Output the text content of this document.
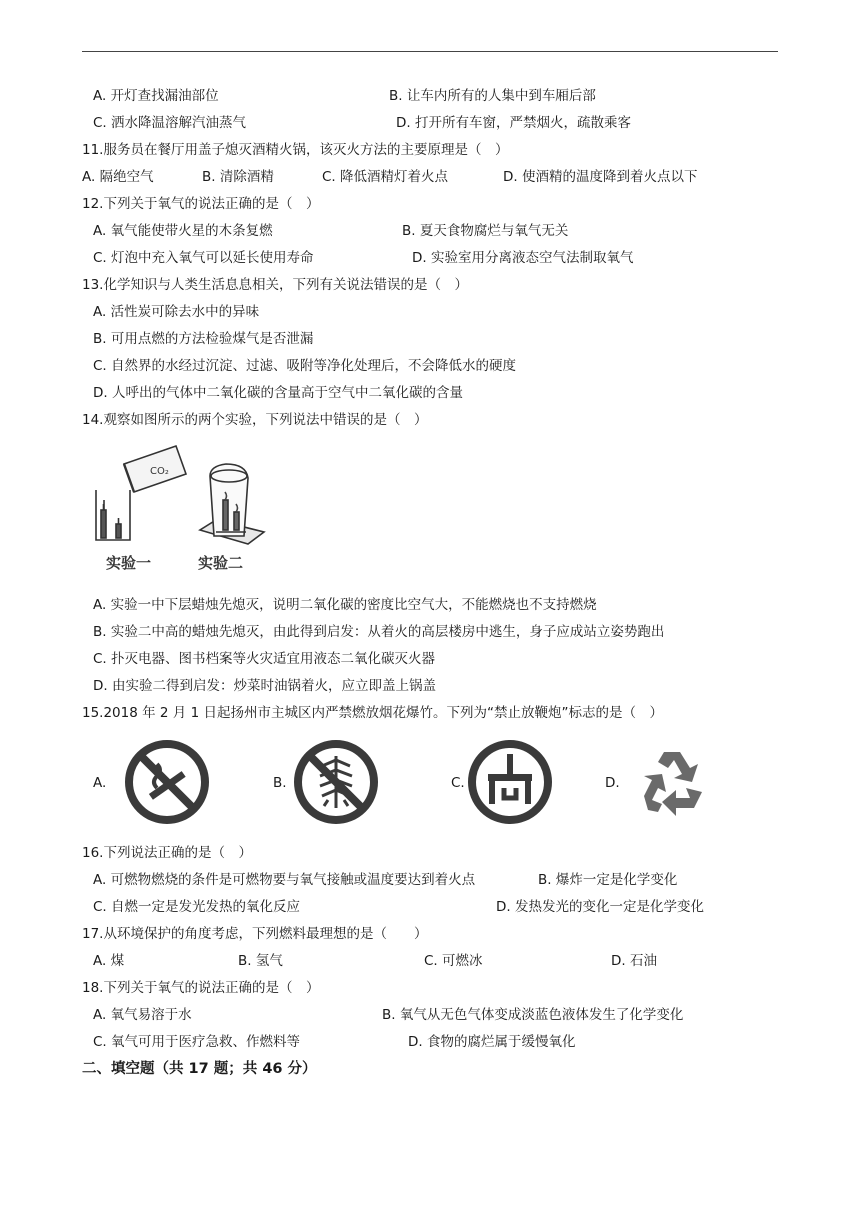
A. 开灯查找漏油部位	B. 让车内所有的人集中到车厢后部
C. 洒水降温溶解汽油蒸气	D. 打开所有车窗，严禁烟火，疏散乘客
11.服务员在餐厅用盖子熄灭酒精火锅，该灭火方法的主要原理是（　）
A. 隔绝空气	B. 清除酒精	C. 降低酒精灯着火点	D. 使酒精的温度降到着火点以下
12.下列关于氧气的说法正确的是（　）
A. 氧气能使带火星的木条复燃	B. 夏天食物腐烂与氧气无关
C. 灯泡中充入氧气可以延长使用寿命	D. 实验室用分离液态空气法制取氧气
13.化学知识与人类生活息息相关，下列有关说法错误的是（　）
A. 活性炭可除去水中的异味
B. 可用点燃的方法检验煤气是否泄漏
C. 自然界的水经过沉淀、过滤、吸附等净化处理后，不会降低水的硬度
D. 人呼出的气体中二氧化碳的含量高于空气中二氧化碳的含量
14.观察如图所示的两个实验，下列说法中错误的是（　）
CO₂
实验一	实验二
A. 实验一中下层蜡烛先熄灭，说明二氧化碳的密度比空气大，不能燃烧也不支持燃烧
B. 实验二中高的蜡烛先熄灭，由此得到启发：从着火的高层楼房中逃生，身子应成站立姿势跑出
C. 扑灭电器、图书档案等火灾适宜用液态二氧化碳灭火器
D. 由实验二得到启发：炒菜时油锅着火，应立即盖上锅盖
15.2018 年 2 月 1 日起扬州市主城区内严禁燃放烟花爆竹。下列为“禁止放鞭炮”标志的是（　）
A.	B.	C.	D.
16.下列说法正确的是（　）
A. 可燃物燃烧的条件是可燃物要与氧气接触或温度要达到着火点	B. 爆炸一定是化学变化
C. 自燃一定是发光发热的氧化反应	D. 发热发光的变化一定是化学变化
17.从环境保护的角度考虑，下列燃料最理想的是（　　）
A. 煤	B. 氢气	C. 可燃冰	D. 石油
18.下列关于氧气的说法正确的是（　）
A. 氧气易溶于水	B. 氧气从无色气体变成淡蓝色液体发生了化学变化
C. 氧气可用于医疗急救、作燃料等	D. 食物的腐烂属于缓慢氧化
二、填空题（共 17 题；共 46 分）
